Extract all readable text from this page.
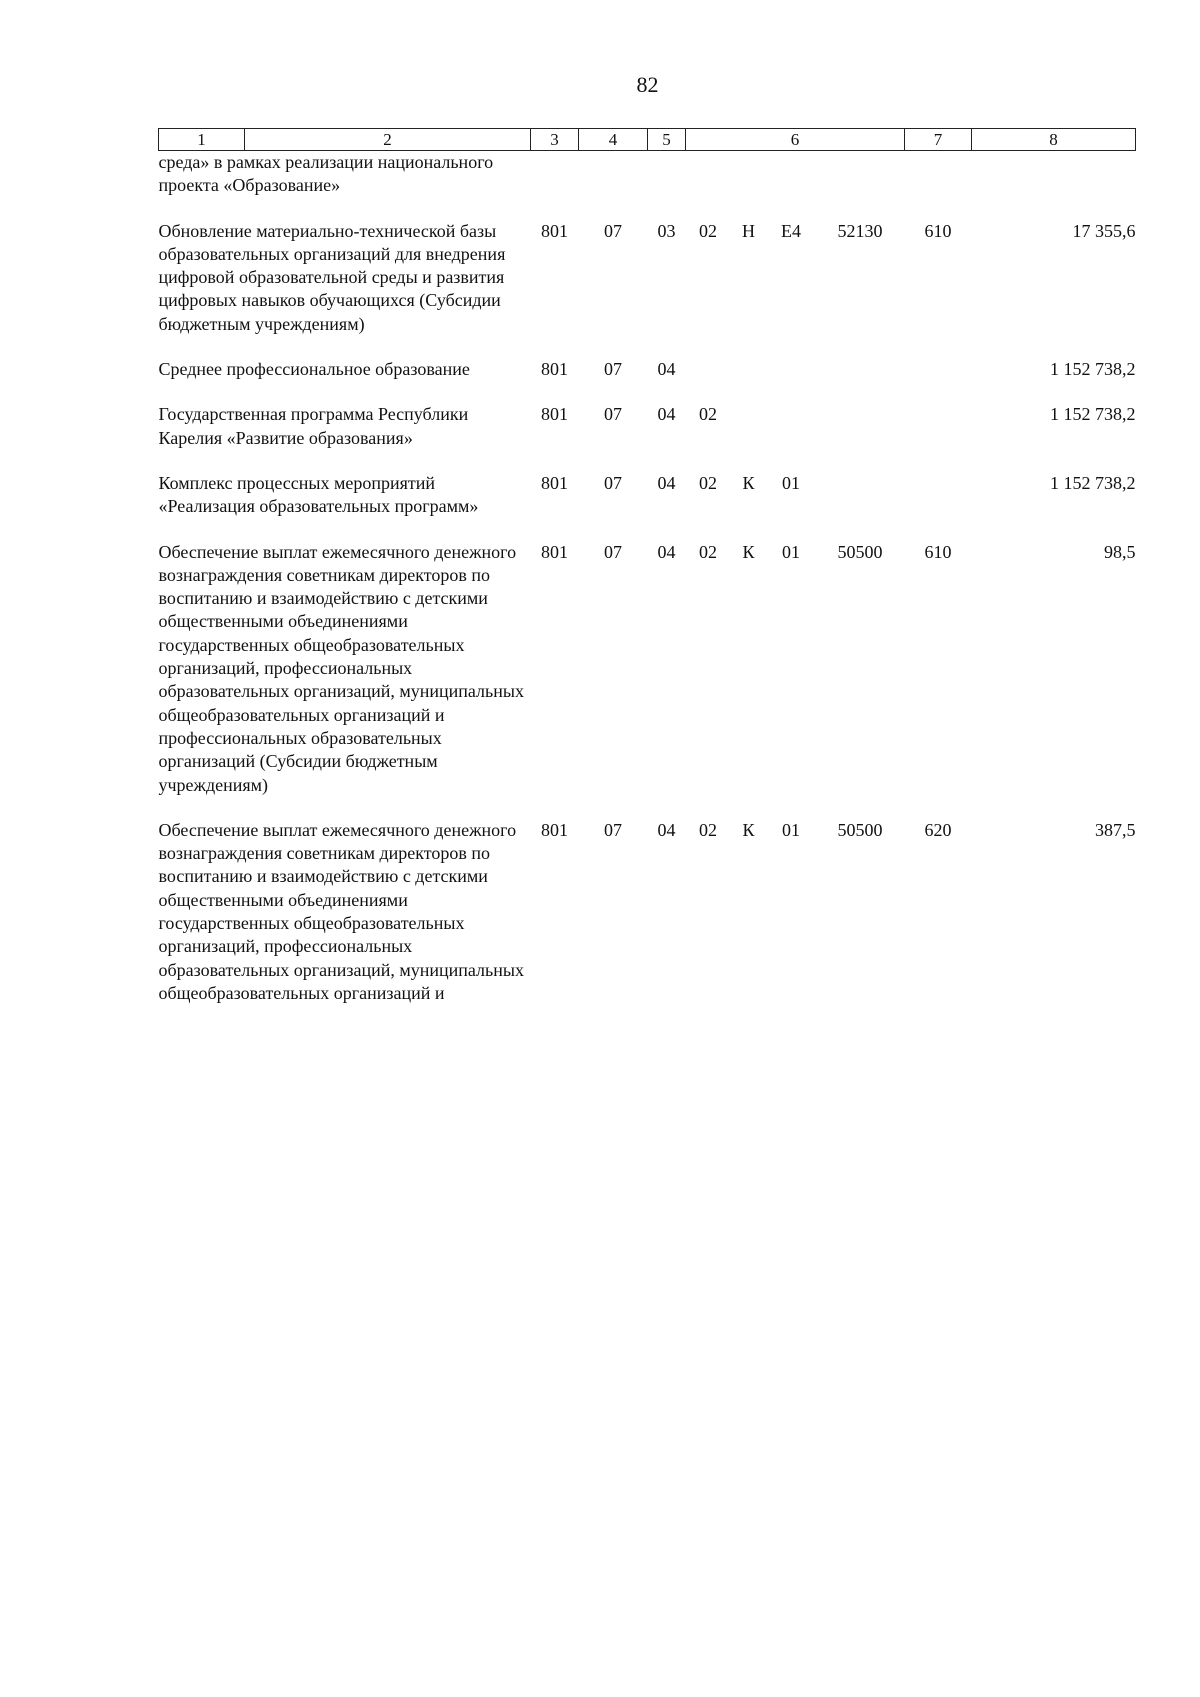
82
1	2	3	4	5	6				7	8
среда» в рамках реализации национального проекта «Образование»										
Обновление материально-технической базы образовательных организаций для внедрения цифровой образовательной среды и развития цифровых навыков обучающихся (Субсидии бюджетным учреждениям)		801	07	03	02	Н	Е4	52130	610	17 355,6
Среднее профессиональное образование		801	07	04						1 152 738,2
Государственная программа Республики Карелия «Развитие образования»		801	07	04	02					1 152 738,2
Комплекс процессных мероприятий «Реализация образовательных программ»		801	07	04	02	К	01			1 152 738,2
Обеспечение выплат ежемесячного денежного вознаграждения советникам директоров по воспитанию и взаимодействию с детскими общественными объединениями государственных общеобразовательных организаций, профессиональных образовательных организаций, муниципальных общеобразовательных организаций и профессиональных образовательных организаций (Субсидии бюджетным учреждениям)		801	07	04	02	К	01	50500	610	98,5
Обеспечение выплат ежемесячного денежного вознаграждения советникам директоров по воспитанию и взаимодействию с детскими общественными объединениями государственных общеобразовательных организаций, профессиональных образовательных организаций, муниципальных общеобразовательных организаций и		801	07	04	02	К	01	50500	620	387,5
